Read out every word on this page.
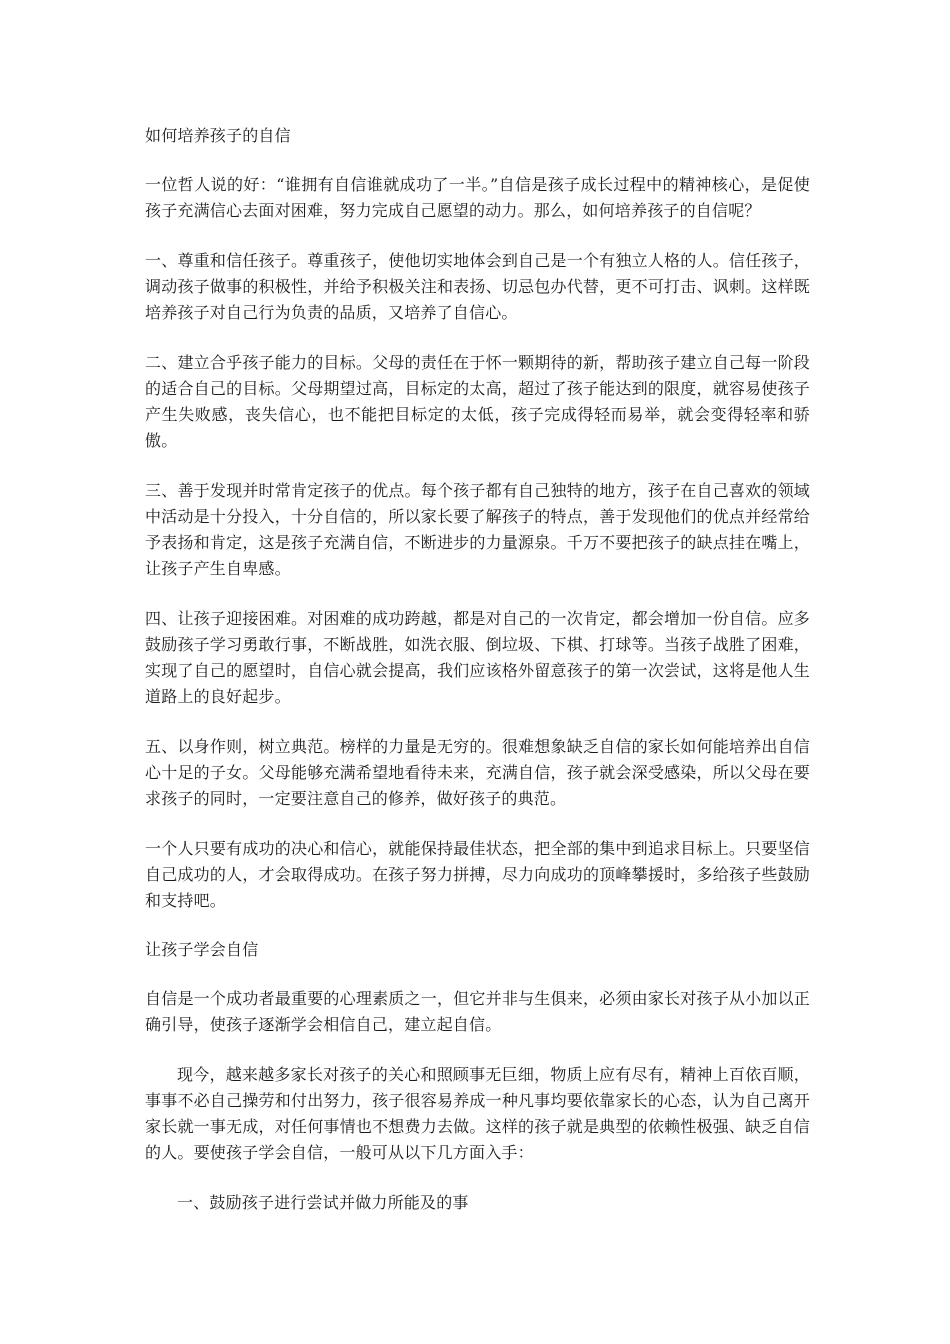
如何培养孩子的自信

一位哲人说的好：“谁拥有自信谁就成功了一半。”自信是孩子成长过程中的精神核心，是促使孩子充满信心去面对困难，努力完成自己愿望的动力。那么，如何培养孩子的自信呢？

一、尊重和信任孩子。尊重孩子，使他切实地体会到自己是一个有独立人格的人。信任孩子，调动孩子做事的积极性，并给予积极关注和表扬、切忌包办代替，更不可打击、讽刺。这样既培养孩子对自己行为负责的品质，又培养了自信心。

二、建立合乎孩子能力的目标。父母的责任在于怀一颗期待的新，帮助孩子建立自己每一阶段的适合自己的目标。父母期望过高，目标定的太高，超过了孩子能达到的限度，就容易使孩子产生失败感，丧失信心，也不能把目标定的太低，孩子完成得轻而易举，就会变得轻率和骄傲。

三、善于发现并时常肯定孩子的优点。每个孩子都有自己独特的地方，孩子在自己喜欢的领域中活动是十分投入，十分自信的，所以家长要了解孩子的特点，善于发现他们的优点并经常给予表扬和肯定，这是孩子充满自信，不断进步的力量源泉。千万不要把孩子的缺点挂在嘴上，让孩子产生自卑感。

四、让孩子迎接困难。对困难的成功跨越，都是对自己的一次肯定，都会增加一份自信。应多鼓励孩子学习勇敢行事，不断战胜，如洗衣服、倒垃圾、下棋、打球等。当孩子战胜了困难，实现了自己的愿望时，自信心就会提高，我们应该格外留意孩子的第一次尝试，这将是他人生道路上的良好起步。

五、以身作则，树立典范。榜样的力量是无穷的。很难想象缺乏自信的家长如何能培养出自信心十足的子女。父母能够充满希望地看待未来，充满自信，孩子就会深受感染，所以父母在要求孩子的同时，一定要注意自己的修养，做好孩子的典范。

一个人只要有成功的决心和信心，就能保持最佳状态，把全部的集中到追求目标上。只要坚信自己成功的人，才会取得成功。在孩子努力拼搏，尽力向成功的顶峰攀援时，多给孩子些鼓励和支持吧。

让孩子学会自信

自信是一个成功者最重要的心理素质之一，但它并非与生俱来，必须由家长对孩子从小加以正确引导，使孩子逐渐学会相信自己，建立起自信。

现今，越来越多家长对孩子的关心和照顾事无巨细，物质上应有尽有，精神上百依百顺，事事不必自己操劳和付出努力，孩子很容易养成一种凡事均要依靠家长的心态，认为自己离开家长就一事无成，对任何事情也不想费力去做。这样的孩子就是典型的依赖性极强、缺乏自信的人。要使孩子学会自信，一般可从以下几方面入手：

一、鼓励孩子进行尝试并做力所能及的事
